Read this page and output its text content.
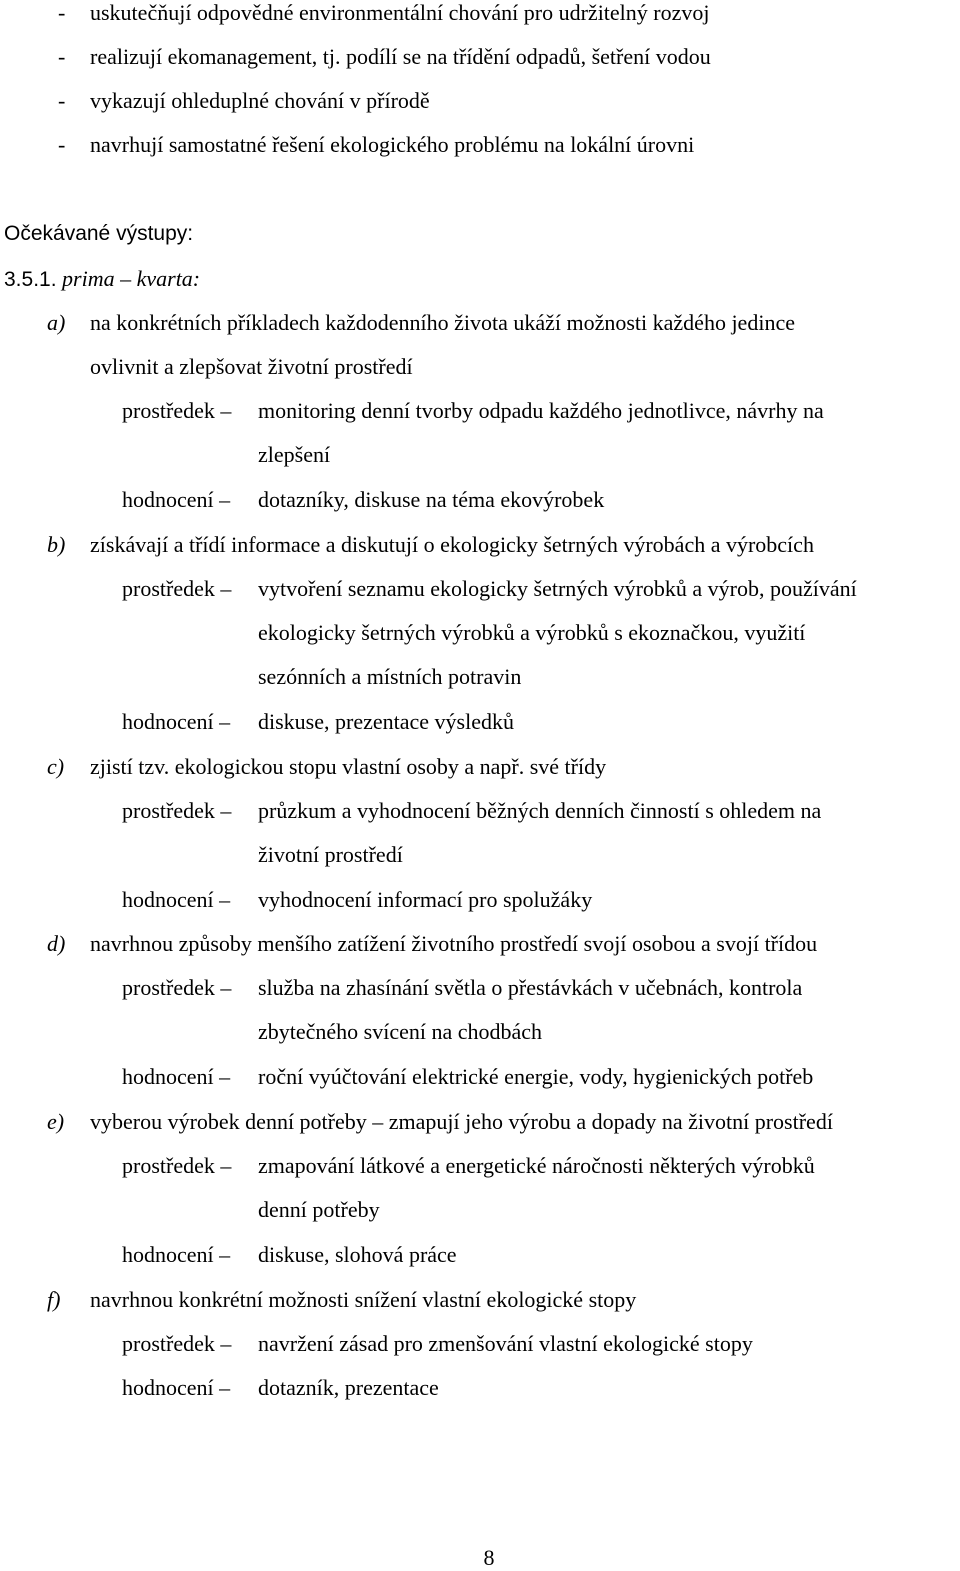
- uskutečňují odpovědné environmentální chování pro udržitelný rozvoj
- realizují ekomanagement, tj. podílí se na třídění odpadů, šetření vodou
- vykazují ohleduplné chování v přírodě
- navrhují samostatné řešení ekologického problému na lokální úrovni
Očekávané výstupy:
3.5.1. prima – kvarta:
a) na konkrétních příkladech každodenního života ukáží možnosti každého jedince
ovlivnit a zlepšovat životní prostředí
prostředek – monitoring denní tvorby odpadu každého jednotlivce, návrhy na
zlepšení
hodnocení – dotazníky, diskuse na téma ekovýrobek
b) získávají a třídí informace a diskutují o ekologicky šetrných výrobách a výrobcích
prostředek – vytvoření seznamu ekologicky šetrných výrobků a výrob, používání
ekologicky šetrných výrobků a výrobků s ekoznačkou, využití
sezónních a místních potravin
hodnocení – diskuse, prezentace výsledků
c) zjistí tzv. ekologickou stopu vlastní osoby a např. své třídy
prostředek – průzkum a vyhodnocení běžných denních činností s ohledem na
životní prostředí
hodnocení – vyhodnocení informací pro spolužáky
d) navrhnou způsoby menšího zatížení životního prostředí svojí osobou a svojí třídou
prostředek – služba na zhasínání světla o přestávkách v učebnách, kontrola
zbytečného svícení na chodbách
hodnocení – roční vyúčtování elektrické energie, vody, hygienických potřeb
e) vyberou výrobek denní potřeby – zmapují jeho výrobu a dopady na životní prostředí
prostředek – zmapování látkové a energetické náročnosti některých výrobků
denní potřeby
hodnocení – diskuse, slohová práce
f) navrhnou konkrétní možnosti snížení vlastní ekologické stopy
prostředek – navržení zásad pro zmenšování vlastní ekologické stopy
hodnocení – dotazník, prezentace
8
